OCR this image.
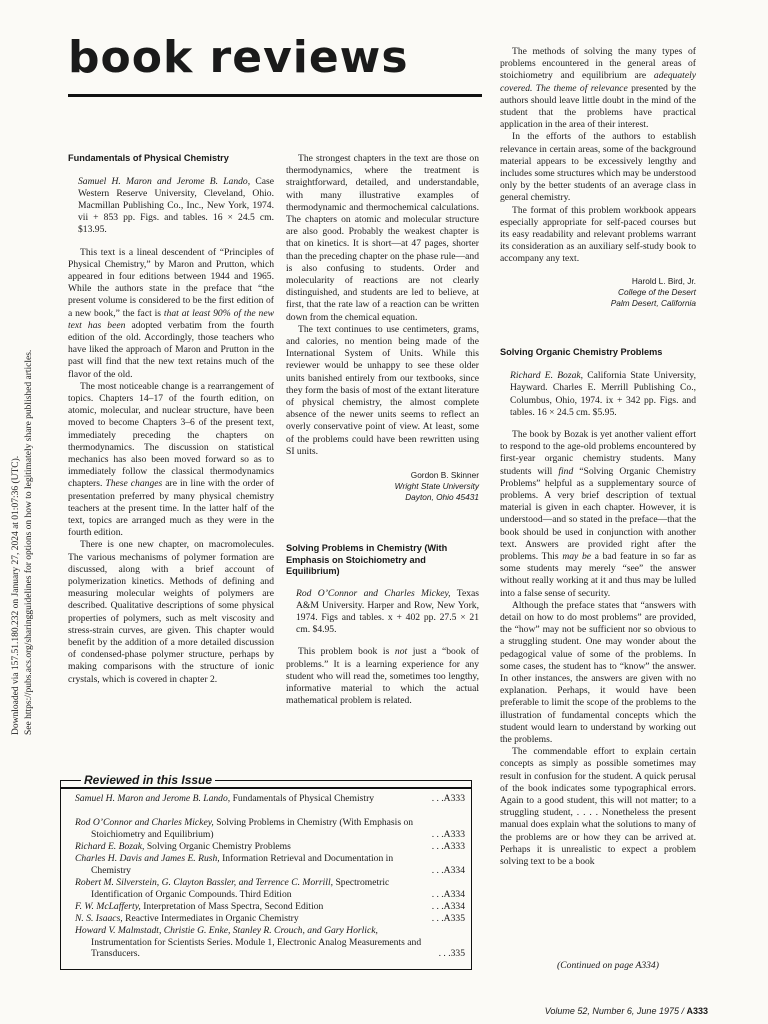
Downloaded via 157.51.180.232 on January 27, 2024 at 01:07:36 (UTC). See https://pubs.acs.org/sharingguidelines for options on how to legitimately share published articles.
book reviews
Fundamentals of Physical Chemistry

Samuel H. Maron and Jerome B. Lando, Case Western Reserve University, Cleveland, Ohio. Macmillan Publishing Co., Inc., New York, 1974. vii + 853 pp. Figs. and tables. 16 × 24.5 cm. $13.95.

This text is a lineal descendent of “Principles of Physical Chemistry,” by Maron and Prutton, which appeared in four editions between 1944 and 1965. While the authors state in the preface that “the present volume is considered to be the first edition of a new book,” the fact is that at least 90% of the new text has been adopted verbatim from the fourth edition of the old. Accordingly, those teachers who have liked the approach of Maron and Prutton in the past will find that the new text retains much of the flavor of the old.

The most noticeable change is a rearrangement of topics. Chapters 14–17 of the fourth edition, on atomic, molecular, and nuclear structure, have been moved to become Chapters 3–6 of the present text, immediately preceding the chapters on thermodynamics. The discussion on statistical mechanics has also been moved forward so as to immediately follow the classical thermodynamics chapters. These changes are in line with the order of presentation preferred by many physical chemistry teachers at the present time. In the latter half of the text, topics are arranged much as they were in the fourth edition.

There is one new chapter, on macromolecules. The various mechanisms of polymer formation are discussed, along with a brief account of polymerization kinetics. Methods of defining and measuring molecular weights of polymers are described. Qualitative descriptions of some physical properties of polymers, such as melt viscosity and stress-strain curves, are given. This chapter would benefit by the addition of a more detailed discussion of condensed-phase polymer structure, perhaps by making comparisons with the structure of ionic crystals, which is covered in chapter 2.

The strongest chapters in the text are those on thermodynamics, where the treatment is straightforward, detailed, and understandable, with many illustrative examples of thermodynamic and thermochemical calculations. The chapters on atomic and molecular structure are also good. Probably the weakest chapter is that on kinetics. It is short—at 47 pages, shorter than the preceding chapter on the phase rule—and is also confusing to students. Order and molecularity of reactions are not clearly distinguished, and students are led to believe, at first, that the rate law of a reaction can be written down from the chemical equation.

The text continues to use centimeters, grams, and calories, no mention being made of the International System of Units. While this reviewer would be unhappy to see these older units banished entirely from our textbooks, since they form the basis of most of the extant literature of physical chemistry, the almost complete absence of the newer units seems to reflect an overly conservative point of view. At least, some of the problems could have been rewritten using SI units.

Gordon B. Skinner
Wright State University
Dayton, Ohio 45431
Solving Problems in Chemistry (With Emphasis on Stoichiometry and Equilibrium)

Rod O’Connor and Charles Mickey, Texas A&M University. Harper and Row, New York, 1974. Figs and tables. x + 402 pp. 27.5 × 21 cm. $4.95.

This problem book is not just a “book of problems.” It is a learning experience for any student who will read the, sometimes too lengthy, informative material to which the actual mathematical problem is related.

The methods of solving the many types of problems encountered in the general areas of stoichiometry and equilibrium are adequately covered. The theme of relevance presented by the authors should leave little doubt in the mind of the student that the problems have practical application in the area of their interest.

In the efforts of the authors to establish relevance in certain areas, some of the background material appears to be excessively lengthy and includes some structures which may be understood only by the better students of an average class in general chemistry.

The format of this problem workbook appears especially appropriate for self-paced courses but its easy readability and relevant problems warrant its consideration as an auxiliary self-study book to accompany any text.

Harold L. Bird, Jr.
College of the Desert
Palm Desert, California
Solving Organic Chemistry Problems

Richard E. Bozak, California State University, Hayward. Charles E. Merrill Publishing Co., Columbus, Ohio, 1974. ix + 342 pp. Figs. and tables. 16 × 24.5 cm. $5.95.

The book by Bozak is yet another valient effort to respond to the age-old problems encountered by first-year organic chemistry students. Many students will find “Solving Organic Chemistry Problems” helpful as a supplementary source of problems. A very brief description of textual material is given in each chapter. However, it is understood—and so stated in the preface—that the book should be used in conjunction with another text. Answers are provided right after the problems. This may be a bad feature in so far as some students may merely “see” the answer without really working at it and thus may be lulled into a false sense of security.

Although the preface states that “answers with detail on how to do most problems” are provided, the “how” may not be sufficient nor so obvious to a struggling student. One may wonder about the pedagogical value of some of the problems. In some cases, the student has to “know” the answer. In other instances, the answers are given with no explanation. Perhaps, it would have been preferable to limit the scope of the problems to the illustration of fundamental concepts which the student would learn to understand by working out the problems.

The commendable effort to explain certain concepts as simply as possible sometimes may result in confusion for the student. A quick perusal of the book indicates some typographical errors. Again to a good student, this will not matter; to a struggling student, . . . . Nonetheless the present manual does explain what the solutions to many of the problems are or how they can be arrived at. Perhaps it is unrealistic to expect a problem solving text to be a book

(Continued on page A334)
Reviewed in this Issue
Samuel H. Maron and Jerome B. Lando, Fundamentals of Physical Chemistry	. . .A333
Rod O’Connor and Charles Mickey, Solving Problems in Chemistry (With Emphasis on Stoichiometry and Equilibrium)	. . .A333
Richard E. Bozak, Solving Organic Chemistry Problems	. . .A333
Charles H. Davis and James E. Rush, Information Retrieval and Documentation in Chemistry	. . .A334
Robert M. Silverstein, G. Clayton Bassler, and Terrence C. Morrill, Spectrometric Identification of Organic Compounds. Third Edition	. . .A334
F. W. McLafferty, Interpretation of Mass Spectra, Second Edition	. . .A334
N. S. Isaacs, Reactive Intermediates in Organic Chemistry	. . .A335
Howard V. Malmstadt, Christie G. Enke, Stanley R. Crouch, and Gary Horlick, Instrumentation for Scientists Series. Module 1, Electronic Analog Measurements and Transducers.	. . .335
Volume 52, Number 6, June 1975 / A333
